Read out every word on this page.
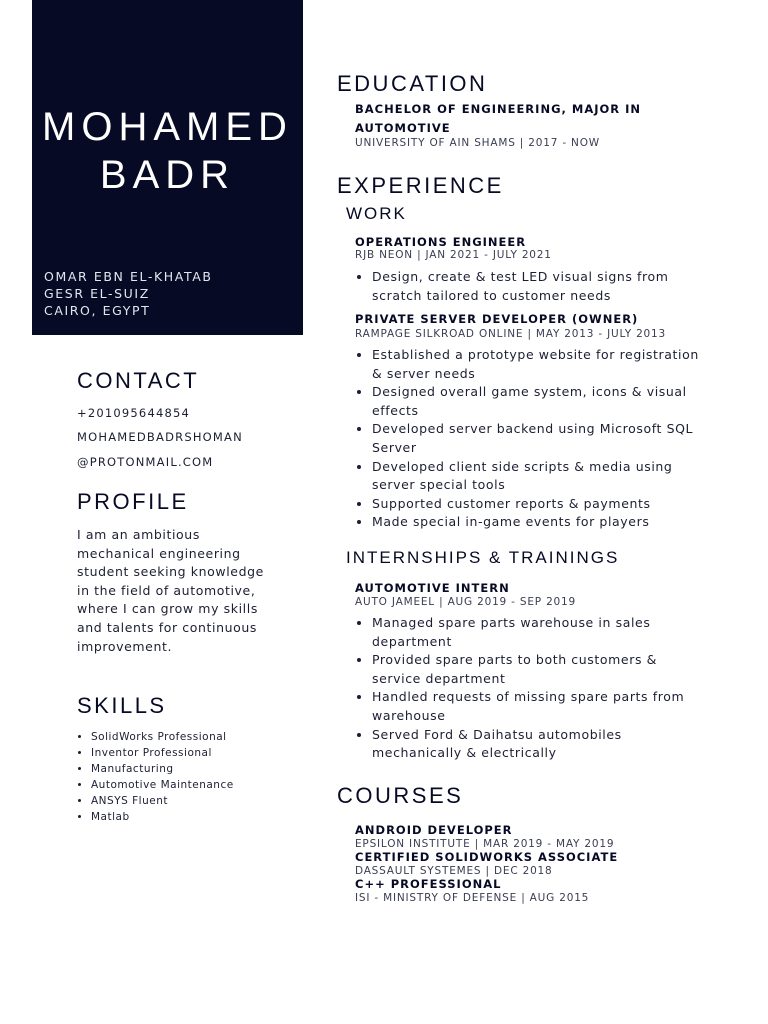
MOHAMED
BADR
OMAR EBN EL-KHATAB
GESR EL-SUIZ
CAIRO, EGYPT
CONTACT
+201095644854
MOHAMEDBADRSHOMAN
@PROTONMAIL.COM
PROFILE
I am an ambitious mechanical engineering student seeking knowledge in the field of automotive, where I can grow my skills and talents for continuous improvement.
SKILLS
• SolidWorks Professional
• Inventor Professional
• Manufacturing
• Automotive Maintenance
• ANSYS Fluent
• Matlab
EDUCATION
BACHELOR OF ENGINEERING, MAJOR IN
AUTOMOTIVE
UNIVERSITY OF AIN SHAMS | 2017 - NOW
EXPERIENCE
WORK
OPERATIONS ENGINEER
RJB NEON | JAN 2021 - JULY 2021
• Design, create & test LED visual signs from scratch tailored to customer needs
PRIVATE SERVER DEVELOPER (OWNER)
RAMPAGE SILKROAD ONLINE | MAY 2013 - JULY 2013
• Established a prototype website for registration & server needs
• Designed overall game system, icons & visual effects
• Developed server backend using Microsoft SQL Server
• Developed client side scripts & media using server special tools
• Supported customer reports & payments
• Made special in-game events for players
INTERNSHIPS & TRAININGS
AUTOMOTIVE INTERN
AUTO JAMEEL | AUG 2019 - SEP 2019
• Managed spare parts warehouse in sales department
• Provided spare parts to both customers & service department
• Handled requests of missing spare parts from warehouse
• Served Ford & Daihatsu automobiles mechanically & electrically
COURSES
ANDROID DEVELOPER
EPSILON INSTITUTE | MAR 2019 - MAY 2019
CERTIFIED SOLIDWORKS ASSOCIATE
DASSAULT SYSTEMES | DEC 2018
C++ PROFESSIONAL
ISI - MINISTRY OF DEFENSE | AUG 2015
